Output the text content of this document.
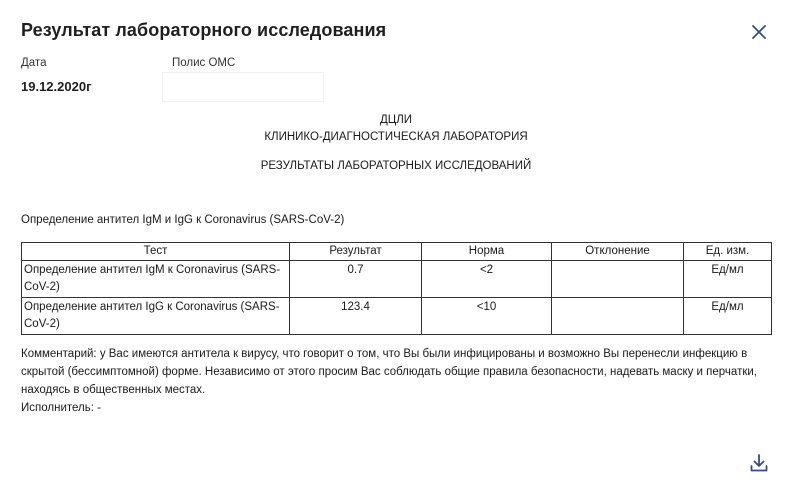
Результат лабораторного исследования
Дата	Полис ОМС
19.12.2020г
ДЦЛИ
КЛИНИКО-ДИАГНОСТИЧЕСКАЯ ЛАБОРАТОРИЯ
РЕЗУЛЬТАТЫ ЛАБОРАТОРНЫХ ИССЛЕДОВАНИЙ
Определение антител IgM и IgG к Coronavirus (SARS-CoV-2)
Тест	Результат	Норма	Отклонение	Ед. изм.
Определение антител IgM к Coronavirus (SARS-CoV-2)	0.7	<2		Ед/мл
Определение антител IgG к Coronavirus (SARS-CoV-2)	123.4	<10		Ед/мл
Комментарий: у Вас имеются антитела к вирусу, что говорит о том, что Вы были инфицированы и возможно Вы перенесли инфекцию в скрытой (бессимптомной) форме. Независимо от этого просим Вас соблюдать общие правила безопасности, надевать маску и перчатки, находясь в общественных местах.
Исполнитель: -
